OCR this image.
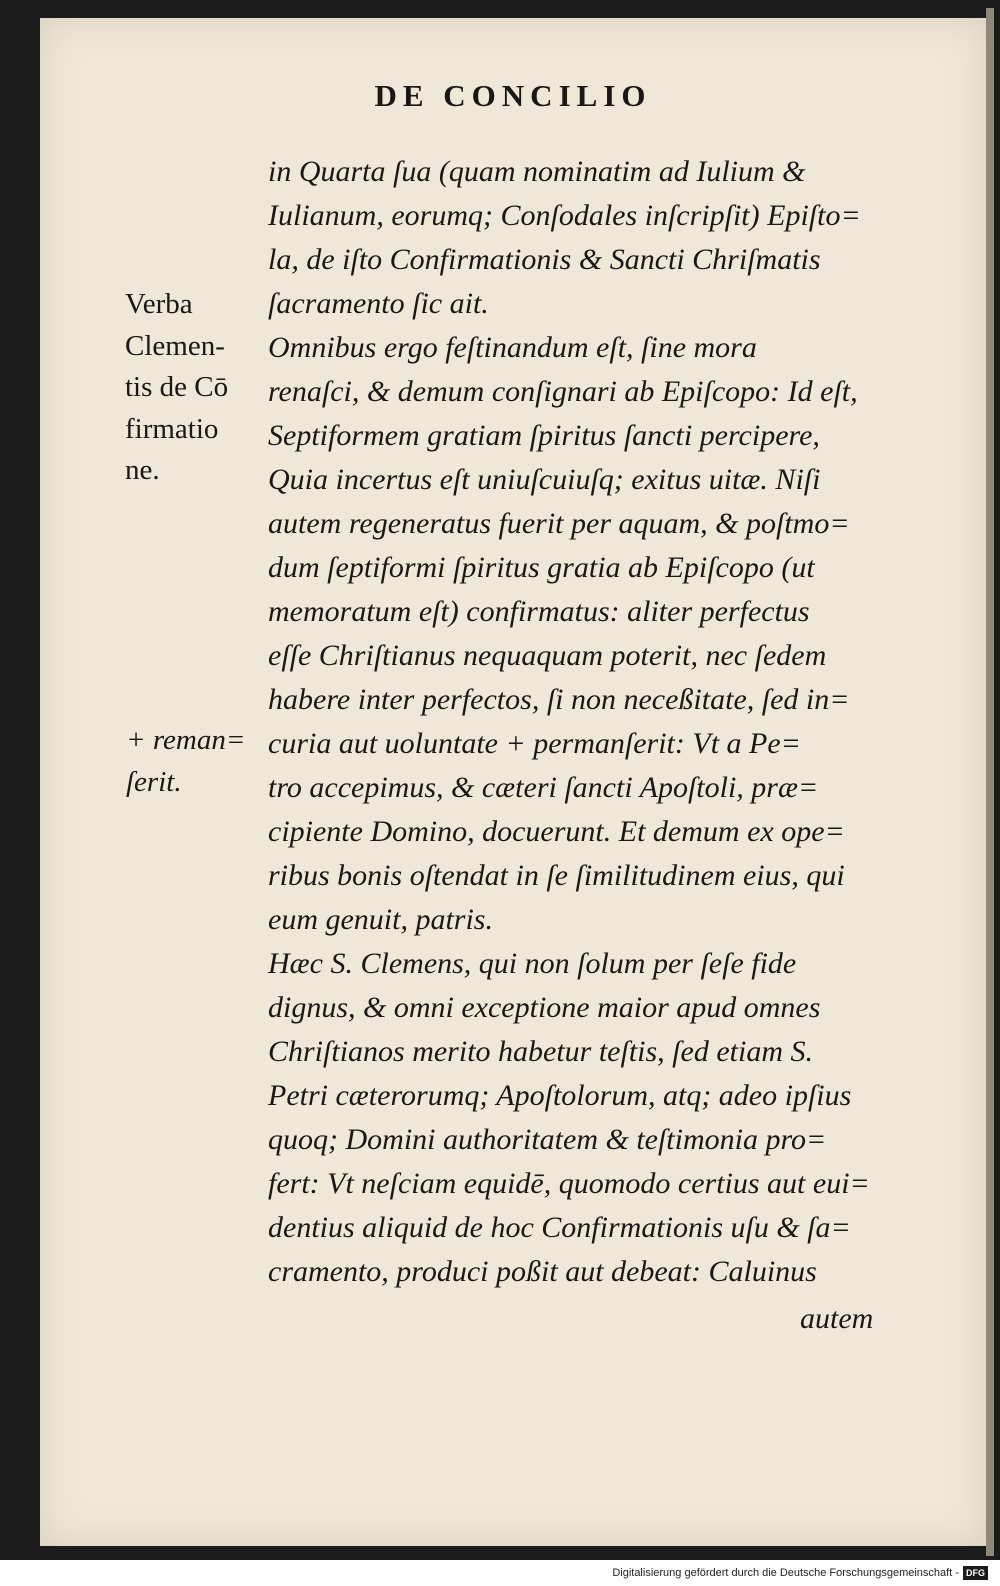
DE CONCILIO
Verba
Clemen-
tis de Cō
firmatio
ne.
+ reman=
ſerit.

in Quarta ſua (quam nominatim ad Iulium &

Iulianum, eorumq; Conſodales inſcripſit) Epiſto=

la, de iſto Confirmationis & Sancti Chriſmatis

ſacramento ſic ait.

Omnibus ergo feſtinandum eſt, ſine mora

renaſci, & demum conſignari ab Epiſcopo: Id eſt,

Septiformem gratiam ſpiritus ſancti percipere,

Quia incertus eſt uniuſcuiuſq; exitus uitæ. Niſi

autem regeneratus fuerit per aquam, & poſtmo=

dum ſeptiformi ſpiritus gratia ab Epiſcopo (ut

memoratum eſt) confirmatus: aliter perfectus

eſſe Chriſtianus nequaquam poterit, nec ſedem

habere inter perfectos, ſi non neceßitate, ſed in=

curia aut uoluntate + permanſerit: Vt a Pe=

tro accepimus, & cæteri ſancti Apoſtoli, præ=

cipiente Domino, docuerunt. Et demum ex ope=

ribus bonis oſtendat in ſe ſimilitudinem eius, qui

eum genuit, patris.

Hæc S. Clemens, qui non ſolum per ſeſe fide

dignus, & omni exceptione maior apud omnes

Chriſtianos merito habetur teſtis, ſed etiam S.

Petri cæterorumq; Apoſtolorum, atq; adeo ipſius

quoq; Domini authoritatem & teſtimonia pro=

fert: Vt neſciam equidē, quomodo certius aut eui=

dentius aliquid de hoc Confirmationis uſu & ſa=

cramento, produci poßit aut debeat: Caluinus

autem

Digitalisierung gefördert durch die Deutsche Forschungsgemeinschaft - DFG
